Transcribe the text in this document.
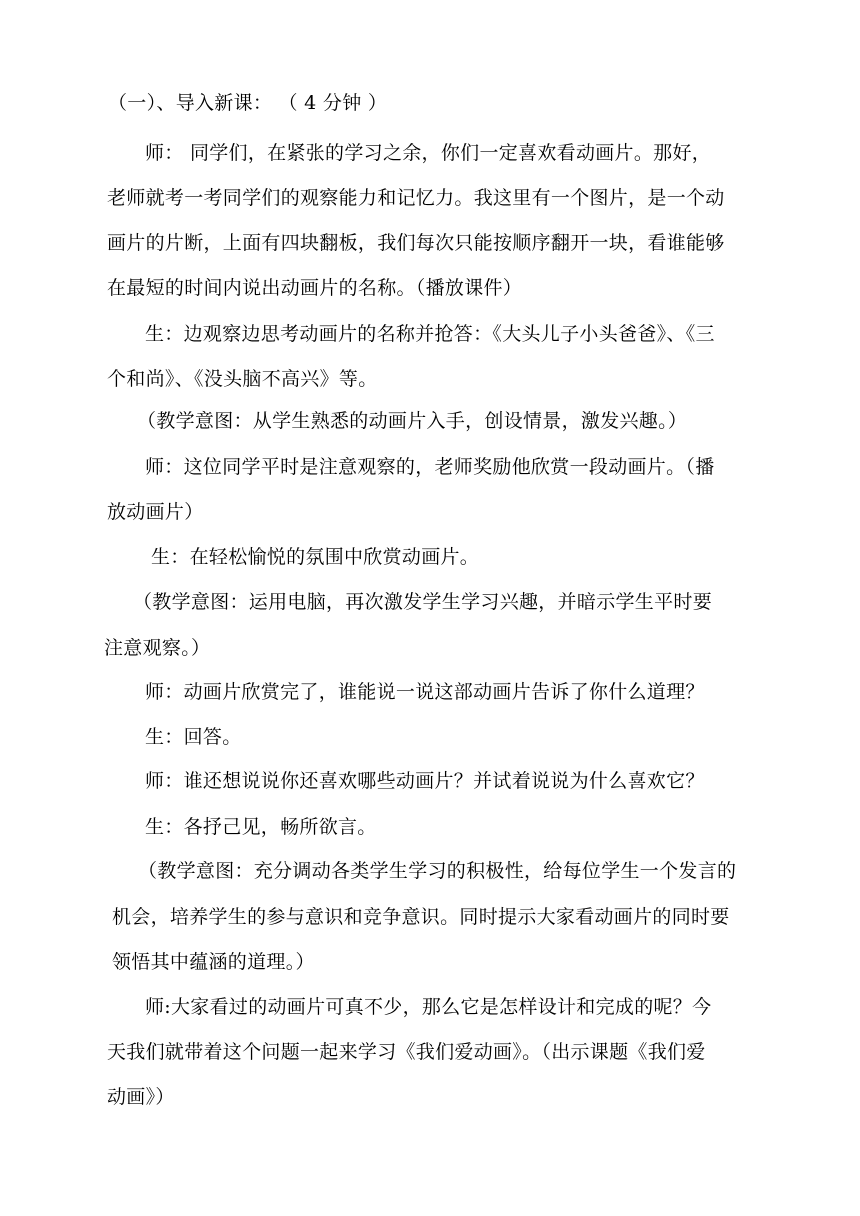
（一）、导入新课： （ 4 分钟 ）
师： 同学们，在紧张的学习之余，你们一定喜欢看动画片。那好，
老师就考一考同学们的观察能力和记忆力。我这里有一个图片，是一个动
画片的片断，上面有四块翻板，我们每次只能按顺序翻开一块，看谁能够
在最短的时间内说出动画片的名称。（播放课件）
生：边观察边思考动画片的名称并抢答：《大头儿子小头爸爸》、《三
个和尚》、《没头脑不高兴》等。
（教学意图：从学生熟悉的动画片入手，创设情景，激发兴趣。）
师：这位同学平时是注意观察的，老师奖励他欣赏一段动画片。（播
放动画片）
生：在轻松愉悦的氛围中欣赏动画片。
（教学意图：运用电脑，再次激发学生学习兴趣，并暗示学生平时要
注意观察。）
师：动画片欣赏完了，谁能说一说这部动画片告诉了你什么道理？
生：回答。
师：谁还想说说你还喜欢哪些动画片？并试着说说为什么喜欢它？
生：各抒己见，畅所欲言。
（教学意图：充分调动各类学生学习的积极性，给每位学生一个发言的
机会，培养学生的参与意识和竞争意识。同时提示大家看动画片的同时要
领悟其中蕴涵的道理。）
师:大家看过的动画片可真不少，那么它是怎样设计和完成的呢？今
天我们就带着这个问题一起来学习《我们爱动画》。（出示课题《我们爱
动画》）
